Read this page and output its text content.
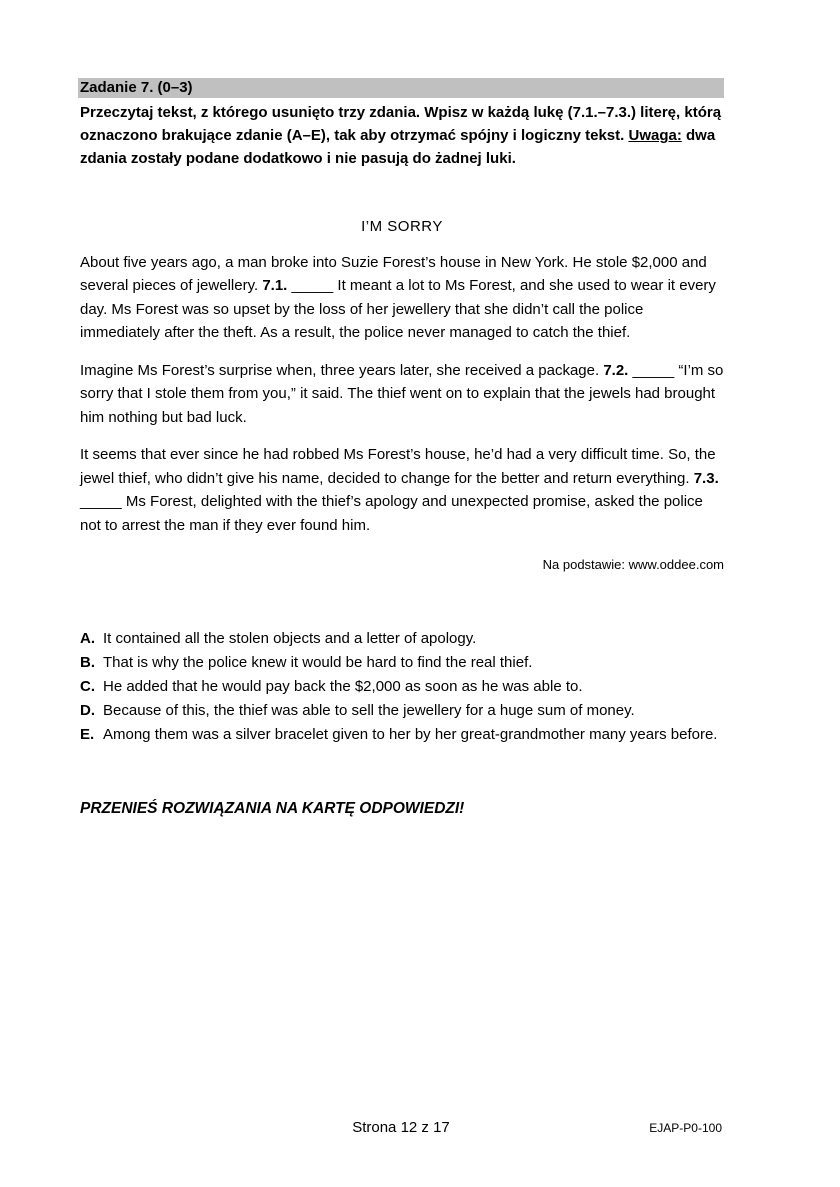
Zadanie 7. (0–3)
Przeczytaj tekst, z którego usunięto trzy zdania. Wpisz w każdą lukę (7.1.–7.3.) literę, którą oznaczono brakujące zdanie (A–E), tak aby otrzymać spójny i logiczny tekst. Uwaga: dwa zdania zostały podane dodatkowo i nie pasują do żadnej luki.
I’M SORRY
About five years ago, a man broke into Suzie Forest’s house in New York. He stole $2,000 and several pieces of jewellery. 7.1. _____ It meant a lot to Ms Forest, and she used to wear it every day. Ms Forest was so upset by the loss of her jewellery that she didn’t call the police immediately after the theft. As a result, the police never managed to catch the thief.
Imagine Ms Forest’s surprise when, three years later, she received a package. 7.2. _____ “I’m so sorry that I stole them from you,” it said. The thief went on to explain that the jewels had brought him nothing but bad luck.
It seems that ever since he had robbed Ms Forest’s house, he’d had a very difficult time. So, the jewel thief, who didn’t give his name, decided to change for the better and return everything. 7.3. _____ Ms Forest, delighted with the thief’s apology and unexpected promise, asked the police not to arrest the man if they ever found him.
Na podstawie: www.oddee.com
A. It contained all the stolen objects and a letter of apology.
B. That is why the police knew it would be hard to find the real thief.
C. He added that he would pay back the $2,000 as soon as he was able to.
D. Because of this, the thief was able to sell the jewellery for a huge sum of money.
E. Among them was a silver bracelet given to her by her great-grandmother many years before.
PRZENIEŚ ROZWIĄZANIA NA KARTĘ ODPOWIEDZI!
Strona 12 z 17	EJAP-P0-100
